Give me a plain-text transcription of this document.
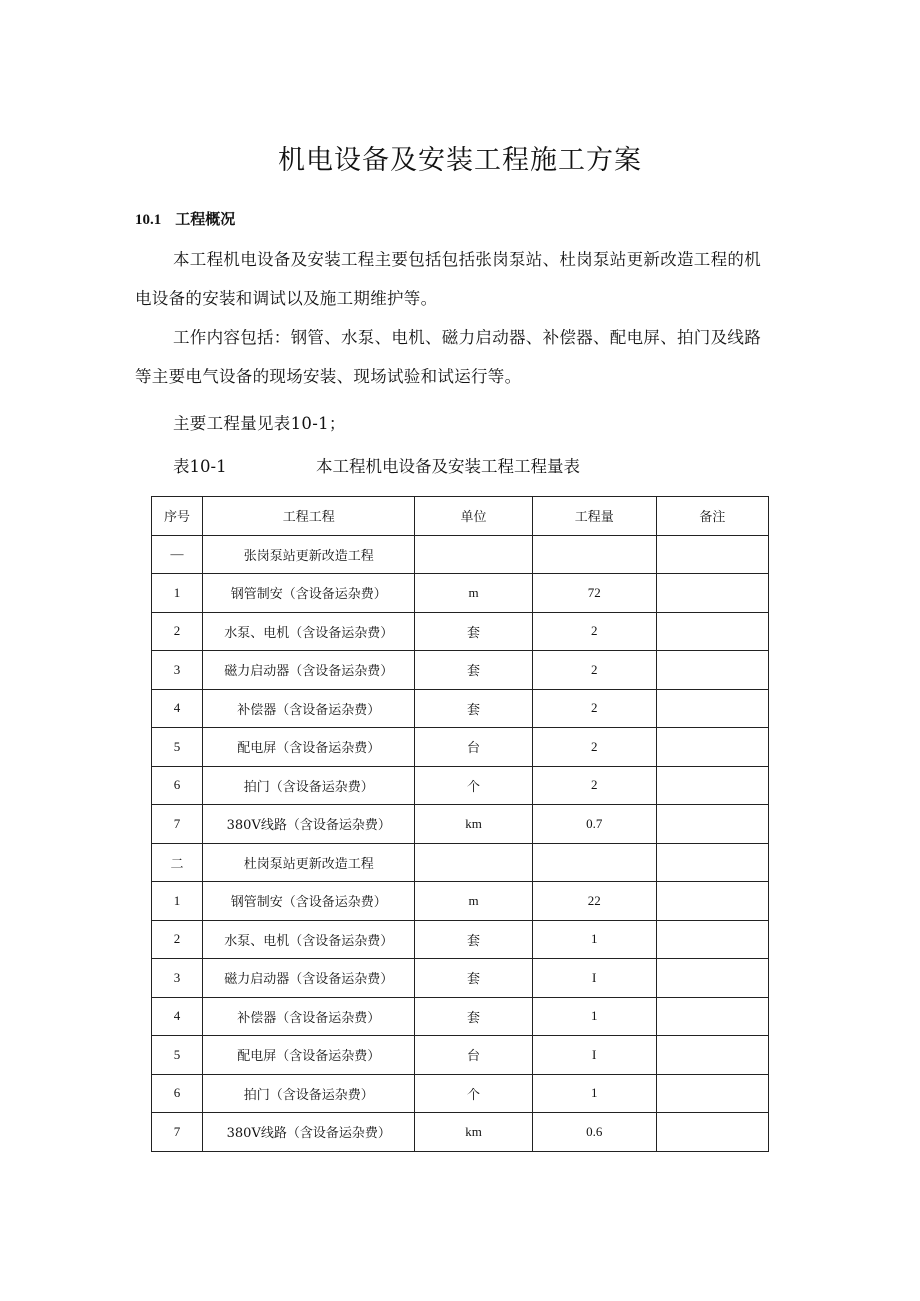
机电设备及安装工程施工方案
10.1 工程概况
本工程机电设备及安装工程主要包括包括张岗泵站、杜岗泵站更新改造工程的机电设备的安装和调试以及施工期维护等。
工作内容包括：钢管、水泵、电机、磁力启动器、补偿器、配电屏、拍门及线路等主要电气设备的现场安装、现场试验和试运行等。
主要工程量见表10-1；
表10-1	本工程机电设备及安装工程工程量表
序号	工程工程	单位	工程量	备注
—	张岗泵站更新改造工程			
1	钢管制安（含设备运杂费）	m	72	
2	水泵、电机（含设备运杂费）	套	2	
3	磁力启动器（含设备运杂费）	套	2	
4	补偿器（含设备运杂费）	套	2	
5	配电屏（含设备运杂费）	台	2	
6	拍门（含设备运杂费）	个	2	
7	380V线路（含设备运杂费）	km	0.7	
二	杜岗泵站更新改造工程			
1	钢管制安（含设备运杂费）	m	22	
2	水泵、电机（含设备运杂费）	套	1	
3	磁力启动器（含设备运杂费）	套	I	
4	补偿器（含设备运杂费）	套	1	
5	配电屏（含设备运杂费）	台	I	
6	拍门（含设备运杂费）	个	1	
7	380V线路（含设备运杂费）	km	0.6	
